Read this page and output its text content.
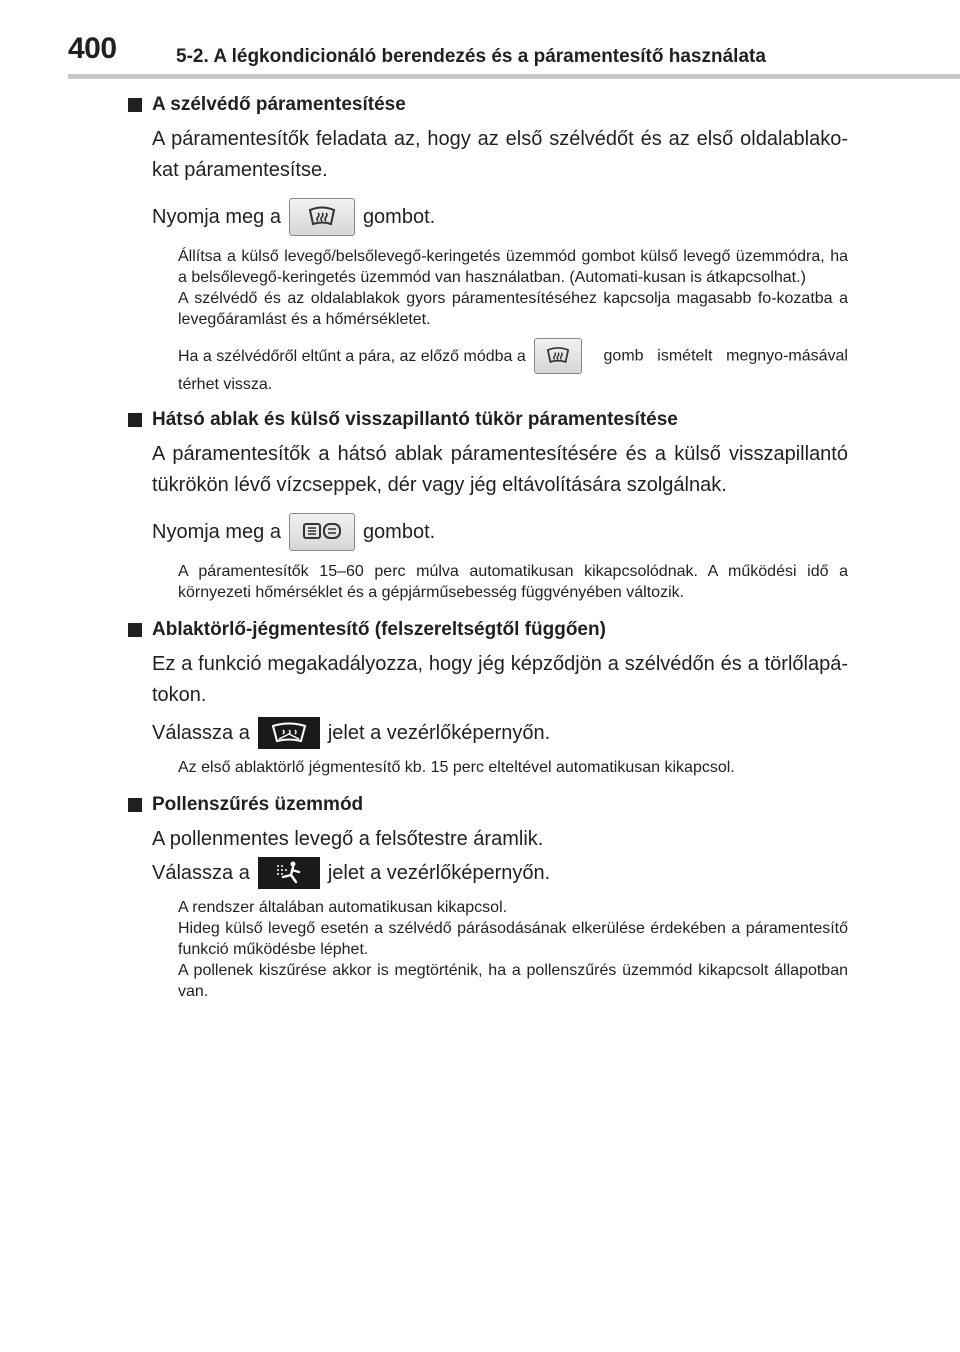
400	5-2. A légkondicionáló berendezés és a páramentesítő használata
A szélvédő páramentesítése
A páramentesítők feladata az, hogy az első szélvédőt és az első oldalablako-kat páramentesítse.
Nyomja meg a	gombot.
Állítsa a külső levegő/belsőlevegő-keringetés üzemmód gombot külső levegő üzemmódra, ha a belsőlevegő-keringetés üzemmód van használatban. (Automati-kusan is átkapcsolhat.)
A szélvédő és az oldalablakok gyors páramentesítéséhez kapcsolja magasabb fo-kozatba a levegőáramlást és a hőmérsékletet.
Ha a szélvédőről eltűnt a pára, az előző módba a	gomb ismételt megnyo-másával térhet vissza.
Hátsó ablak és külső visszapillantó tükör páramentesítése
A páramentesítők a hátsó ablak páramentesítésére és a külső visszapillantó tükrökön lévő vízcseppek, dér vagy jég eltávolítására szolgálnak.
Nyomja meg a	gombot.
A páramentesítők 15–60 perc múlva automatikusan kikapcsolódnak. A működési idő a környezeti hőmérséklet és a gépjárműsebesség függvényében változik.
Ablaktörlő-jégmentesítő (felszereltségtől függően)
Ez a funkció megakadályozza, hogy jég képződjön a szélvédőn és a törlőlapá-tokon.
Válassza a	jelet a vezérlőképernyőn.
Az első ablaktörlő jégmentesítő kb. 15 perc elteltével automatikusan kikapcsol.
Pollenszűrés üzemmód
A pollenmentes levegő a felsőtestre áramlik.
Válassza a	jelet a vezérlőképernyőn.
A rendszer általában automatikusan kikapcsol.
Hideg külső levegő esetén a szélvédő párásodásának elkerülése érdekében a páramentesítő funkció működésbe léphet.
A pollenek kiszűrése akkor is megtörténik, ha a pollenszűrés üzemmód kikapcsolt állapotban van.
